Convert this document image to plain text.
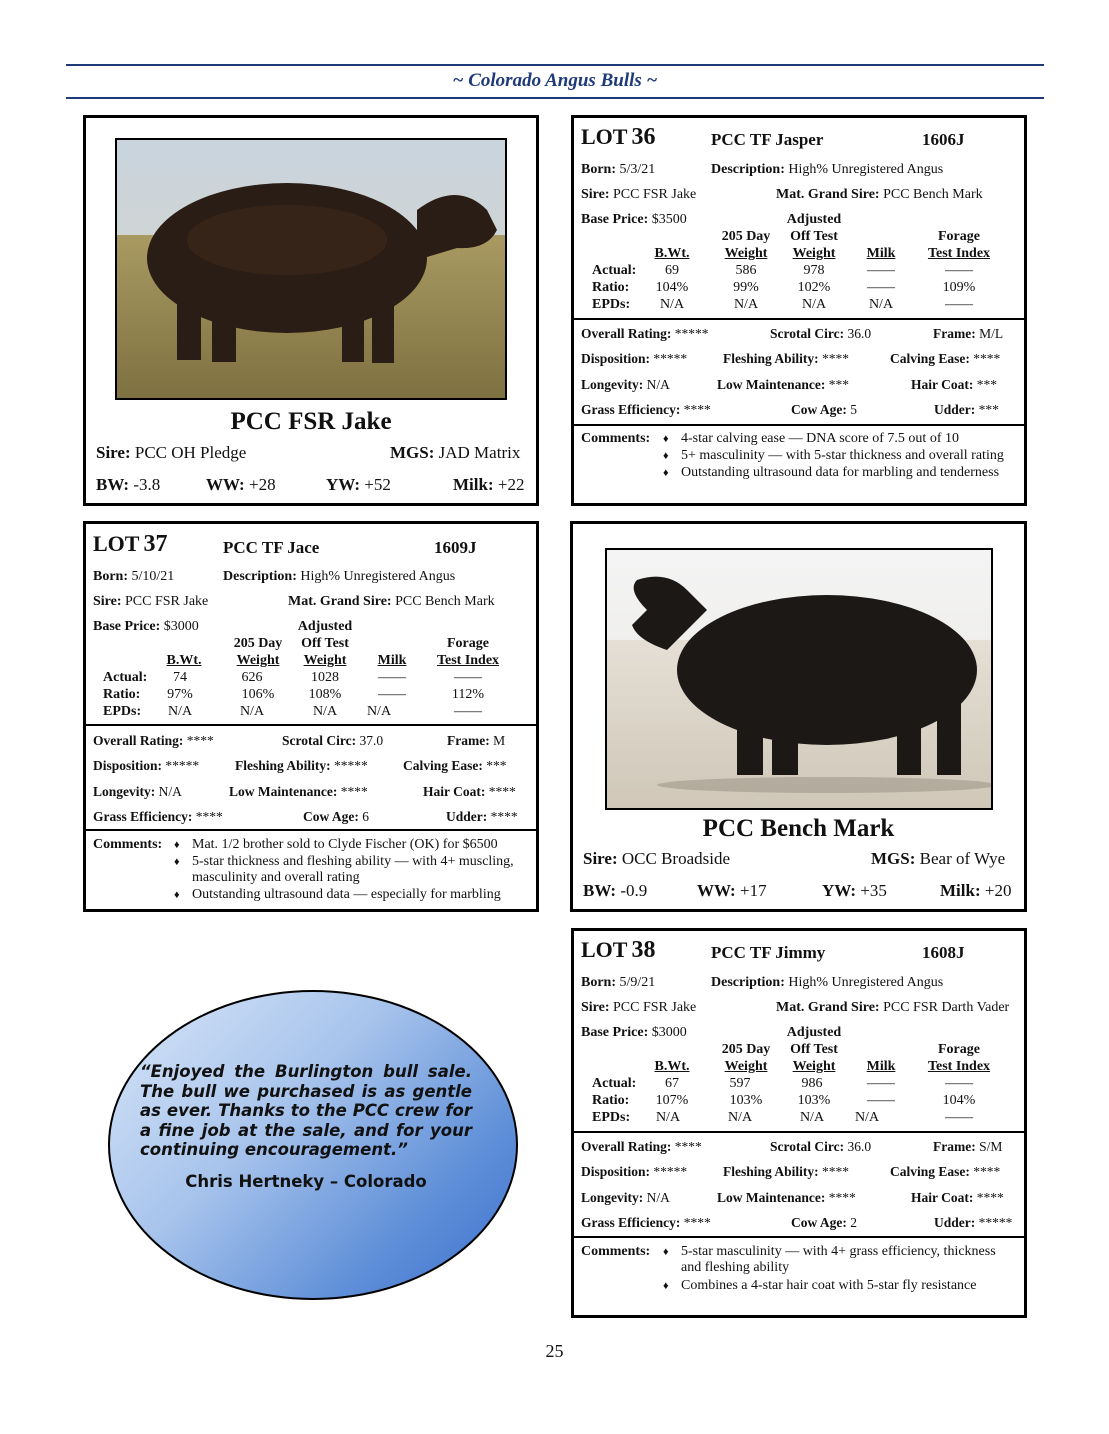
~ Colorado Angus Bulls ~
PCC FSR Jake
Sire: PCC OH Pledge	MGS: JAD Matrix
BW: -3.8	WW: +28	YW: +52	Milk: +22
PCC Bench Mark
Sire: OCC Broadside	MGS: Bear of Wye
BW: -0.9	WW: +17	YW: +35	Milk: +20
LOT 36	PCC TF Jasper	1606J
Born: 5/3/21	Description: High% Unregistered Angus
Sire: PCC FSR Jake	Mat. Grand Sire: PCC Bench Mark
Base Price: $3500	Adjusted
205 Day	Off Test	Forage
B.Wt.	Weight	Weight	Milk	Test Index
Actual:	69	586	978	——	——
Ratio:	104%	99%	102%	——	109%
EPDs:	N/A	N/A	N/A	N/A	——
Overall Rating: *****	Scrotal Circ: 36.0	Frame: M/L
Disposition: *****	Fleshing Ability: ****	Calving Ease: ****
Longevity: N/A	Low Maintenance: ***	Hair Coat: ***
Grass Efficiency: ****	Cow Age: 5	Udder: ***
Comments: ♦ 4-star calving ease — DNA score of 7.5 out of 10
♦ 5+ masculinity — with 5-star thickness and overall rating
♦ Outstanding ultrasound data for marbling and tenderness
LOT 37	PCC TF Jace	1609J
Born: 5/10/21	Description: High% Unregistered Angus
Sire: PCC FSR Jake	Mat. Grand Sire: PCC Bench Mark
Base Price: $3000	Adjusted
205 Day	Off Test	Forage
B.Wt.	Weight	Weight	Milk	Test Index
Actual:	74	626	1028	——	——
Ratio:	97%	106%	108%	——	112%
EPDs:	N/A	N/A	N/A	N/A	——
Overall Rating: ****	Scrotal Circ: 37.0	Frame: M
Disposition: *****	Fleshing Ability: *****	Calving Ease: ***
Longevity: N/A	Low Maintenance: ****	Hair Coat: ****
Grass Efficiency: ****	Cow Age: 6	Udder: ****
Comments: ♦ Mat. 1/2 brother sold to Clyde Fischer (OK) for $6500
♦ 5-star thickness and fleshing ability — with 4+ muscling,
masculinity and overall rating
♦ Outstanding ultrasound data — especially for marbling
“Enjoyed the Burlington bull sale. The bull we purchased is as gentle as ever. Thanks to the PCC crew for a fine job at the sale, and for your continuing encouragement.”
Chris Hertneky – Colorado
LOT 38	PCC TF Jimmy	1608J
Born: 5/9/21	Description: High% Unregistered Angus
Sire: PCC FSR Jake	Mat. Grand Sire: PCC FSR Darth Vader
Base Price: $3000	Adjusted
205 Day	Off Test	Forage
B.Wt.	Weight	Weight	Milk	Test Index
Actual:	67	597	986	——	——
Ratio:	107%	103%	103%	——	104%
EPDs:	N/A	N/A	N/A	N/A	——
Overall Rating: ****	Scrotal Circ: 36.0	Frame: S/M
Disposition: *****	Fleshing Ability: ****	Calving Ease: ****
Longevity: N/A	Low Maintenance: ****	Hair Coat: ****
Grass Efficiency: ****	Cow Age: 2	Udder: *****
Comments: ♦ 5-star masculinity — with 4+ grass efficiency, thickness
and fleshing ability
♦ Combines a 4-star hair coat with 5-star fly resistance
25
